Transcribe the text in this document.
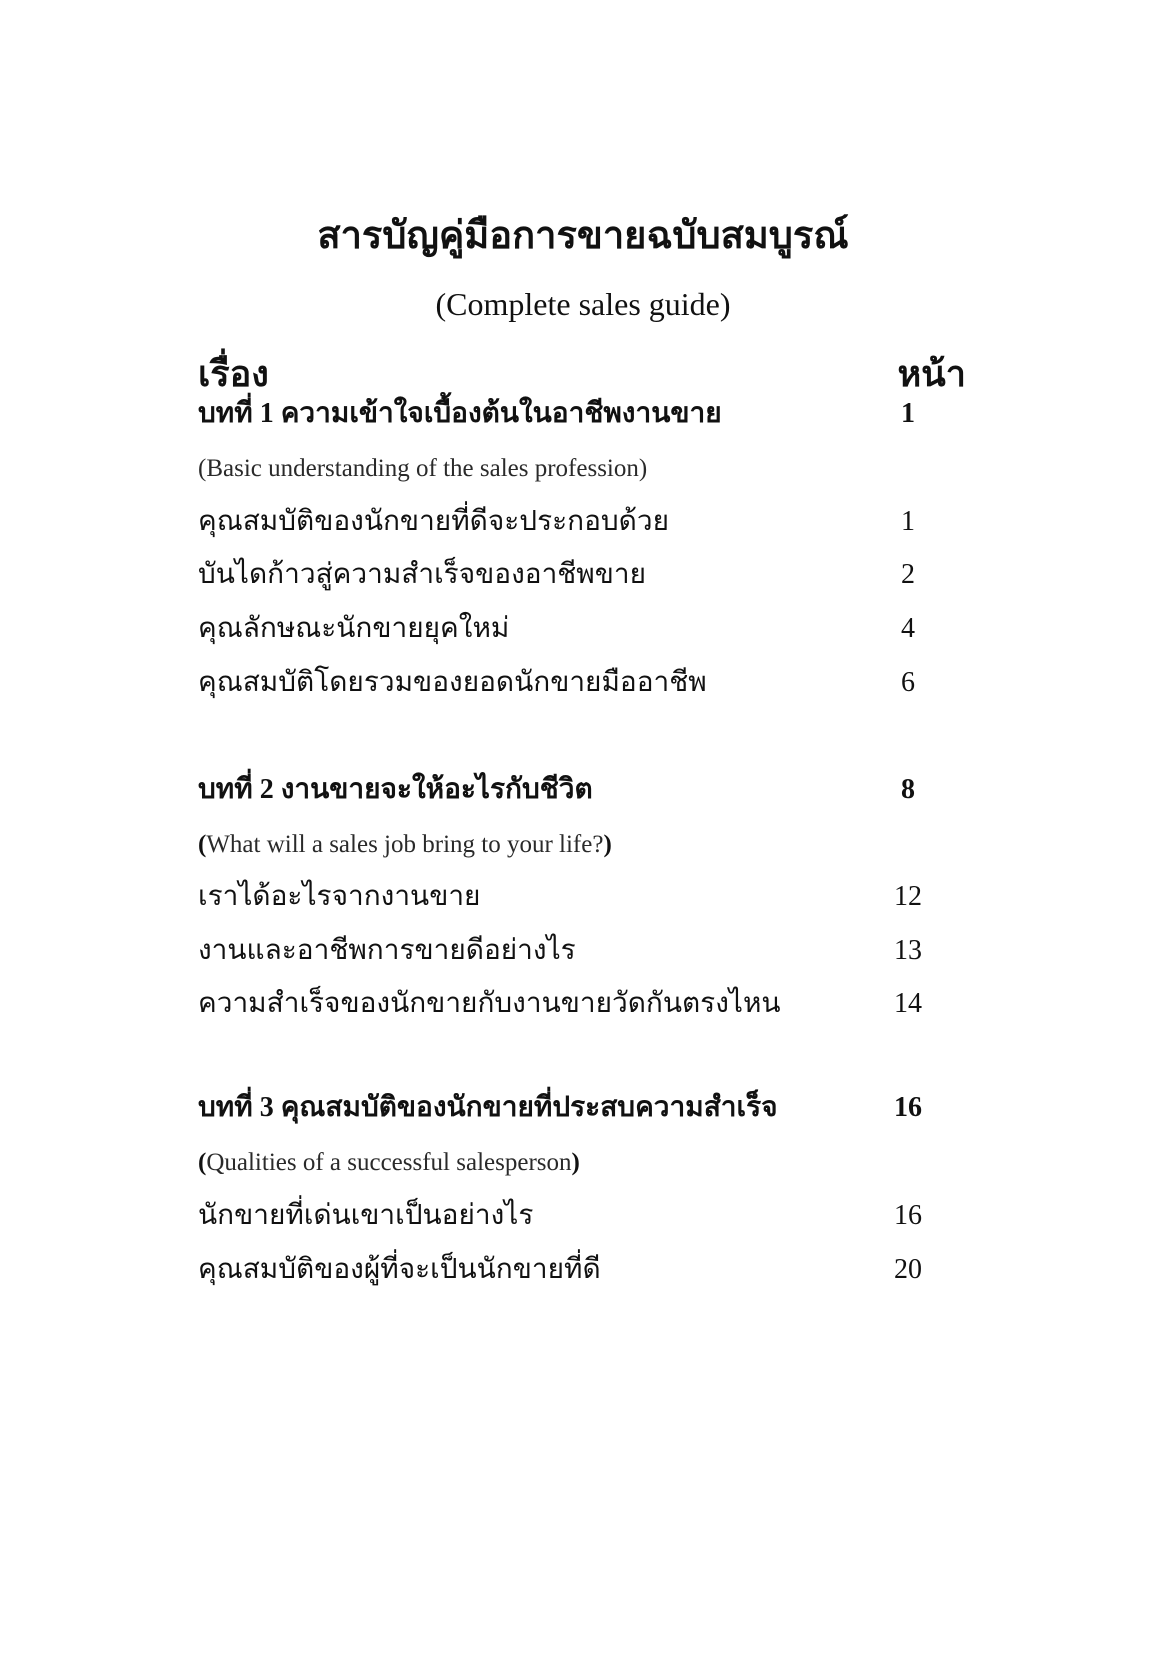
สารบัญคู่มือการขายฉบับสมบูรณ์
(Complete sales guide)
เรื่อง	หน้า
บทที่ 1 ความเข้าใจเบื้องต้นในอาชีพงานขาย	1
(Basic understanding of the sales profession)
คุณสมบัติของนักขายที่ดีจะประกอบด้วย	1
บันไดก้าวสู่ความสำเร็จของอาชีพขาย	2
คุณลักษณะนักขายยุคใหม่	4
คุณสมบัติโดยรวมของยอดนักขายมืออาชีพ	6
บทที่ 2 งานขายจะให้อะไรกับชีวิต	8
(What will a sales job bring to your life?)
เราได้อะไรจากงานขาย	12
งานและอาชีพการขายดีอย่างไร	13
ความสำเร็จของนักขายกับงานขายวัดกันตรงไหน	14
บทที่ 3 คุณสมบัติของนักขายที่ประสบความสำเร็จ	16
(Qualities of a successful salesperson)
นักขายที่เด่นเขาเป็นอย่างไร	16
คุณสมบัติของผู้ที่จะเป็นนักขายที่ดี	20
